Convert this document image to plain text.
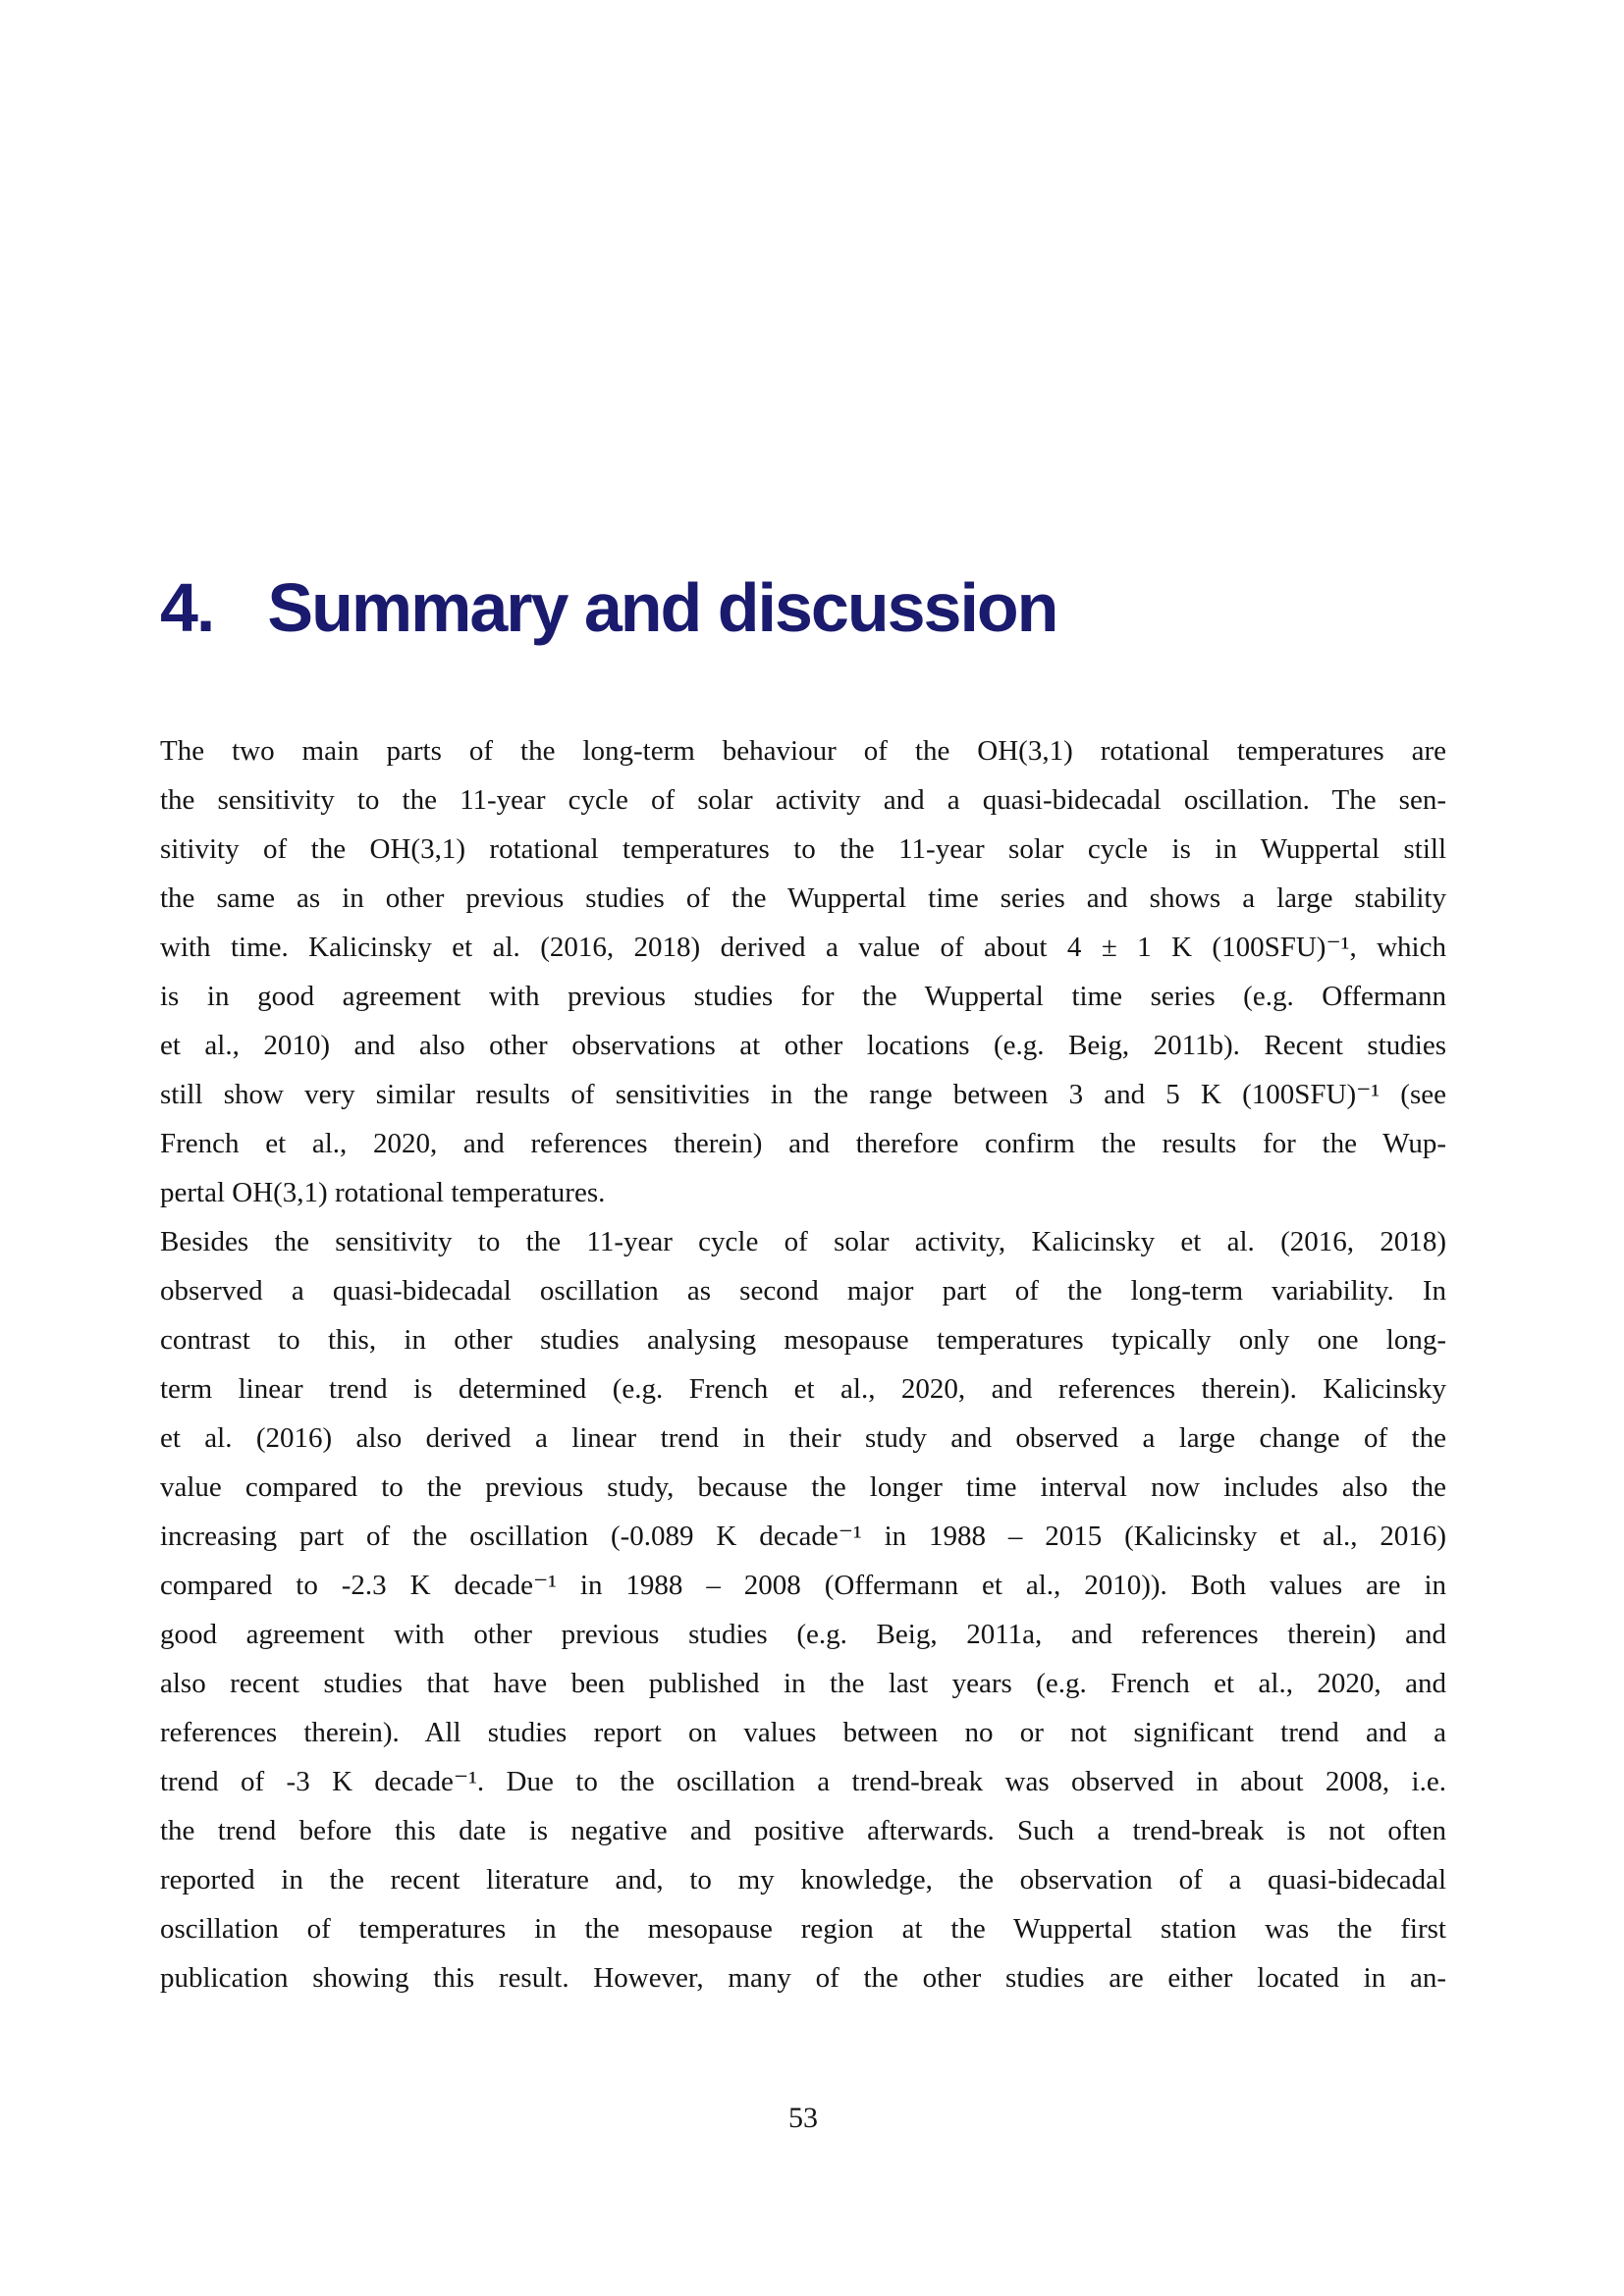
4. Summary and discussion
The two main parts of the long-term behaviour of the OH(3,1) rotational temperatures are
the sensitivity to the 11-year cycle of solar activity and a quasi-bidecadal oscillation. The sen-
sitivity of the OH(3,1) rotational temperatures to the 11-year solar cycle is in Wuppertal still
the same as in other previous studies of the Wuppertal time series and shows a large stability
with time. Kalicinsky et al. (2016, 2018) derived a value of about 4 ± 1 K (100SFU)⁻¹, which
is in good agreement with previous studies for the Wuppertal time series (e.g. Offermann
et al., 2010) and also other observations at other locations (e.g. Beig, 2011b). Recent studies
still show very similar results of sensitivities in the range between 3 and 5 K (100SFU)⁻¹ (see
French et al., 2020, and references therein) and therefore confirm the results for the Wup-
pertal OH(3,1) rotational temperatures.
Besides the sensitivity to the 11-year cycle of solar activity, Kalicinsky et al. (2016, 2018)
observed a quasi-bidecadal oscillation as second major part of the long-term variability. In
contrast to this, in other studies analysing mesopause temperatures typically only one long-
term linear trend is determined (e.g. French et al., 2020, and references therein). Kalicinsky
et al. (2016) also derived a linear trend in their study and observed a large change of the
value compared to the previous study, because the longer time interval now includes also the
increasing part of the oscillation (-0.089 K decade⁻¹ in 1988 – 2015 (Kalicinsky et al., 2016)
compared to -2.3 K decade⁻¹ in 1988 – 2008 (Offermann et al., 2010)). Both values are in
good agreement with other previous studies (e.g. Beig, 2011a, and references therein) and
also recent studies that have been published in the last years (e.g. French et al., 2020, and
references therein). All studies report on values between no or not significant trend and a
trend of -3 K decade⁻¹. Due to the oscillation a trend-break was observed in about 2008, i.e.
the trend before this date is negative and positive afterwards. Such a trend-break is not often
reported in the recent literature and, to my knowledge, the observation of a quasi-bidecadal
oscillation of temperatures in the mesopause region at the Wuppertal station was the first
publication showing this result. However, many of the other studies are either located in an-
53
